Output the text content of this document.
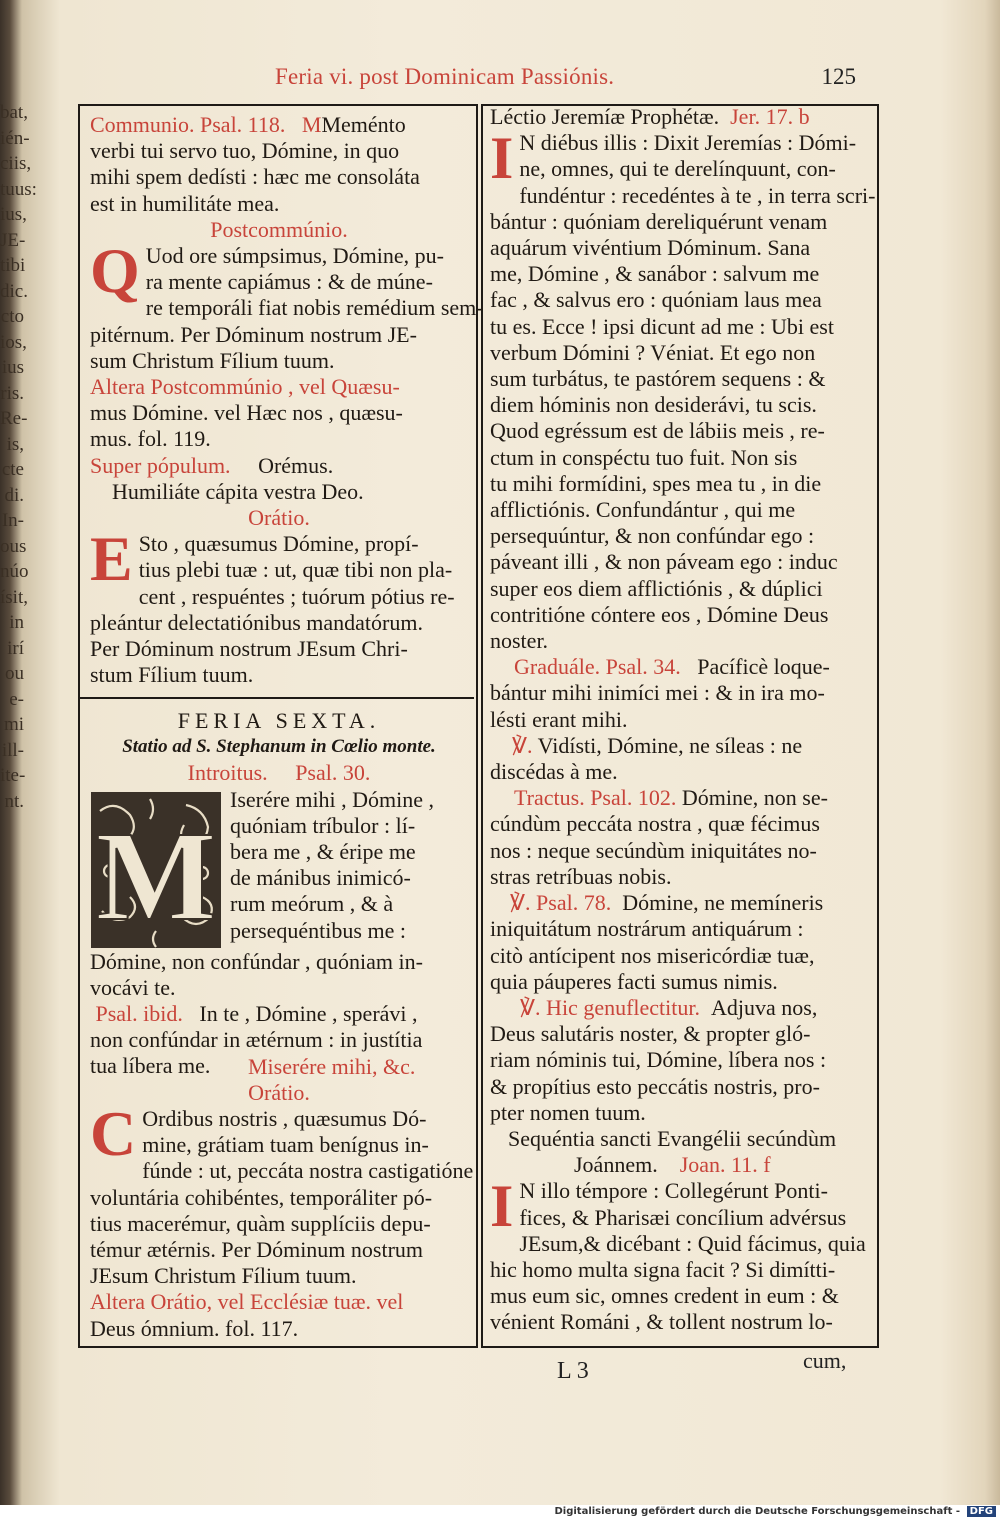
bat,
ién-
ciis,
tuus:
ius,
JE-
tibi
dic.
cto
ios,
ius
ris.
Re-
is,
cte
di.
In-
ous
núo
ísit,
in
irí
ou
e-
mi
ill-
ite-
nt.
Feria vi. post Dominicam Passiónis.	125
Communio. Psal. 118. MMeménto
verbi tui servo tuo, Dómine, in quo
mihi spem dedísti : hæc me consoláta
est in humilitáte mea.
Postcommúnio.
Q Uod ore súmpsimus, Dómine, pu-
ra mente capiámus : & de múne-
re temporáli fiat nobis remédium sem-
pitérnum. Per Dóminum nostrum JE-
sum Christum Fílium tuum.
Altera Postcommúnio , vel Quæsu-
mus Dómine. vel Hæc nos , quæsu-
mus. fol. 119.
Super pópulum. Orémus.
Humiliáte cápita vestra Deo.
Orátio.
E Sto , quæsumus Dómine, propí-
tius plebi tuæ : ut, quæ tibi non pla-
cent , respuéntes ; tuórum pótius re-
pleántur delectatiónibus mandatórum.
Per Dóminum nostrum JEsum Chri-
stum Fílium tuum.
FERIA SEXTA.
Statio ad S. Stephanum in Cœlio monte.
Introitus. Psal. 30.
M
Iserére mihi , Dómine ,
quóniam tríbulor : lí-
bera me , & éripe me
de mánibus inimicó-
rum meórum , & à
persequéntibus me :
Dómine, non confúndar , quóniam in-
vocávi te.
Psal. ibid. In te , Dómine , sperávi ,
non confúndar in ætérnum : in justítia
tua líbera me.	Miserére mihi, &c.
Orátio.
C Ordibus nostris , quæsumus Dó-
mine, grátiam tuam benígnus in-
fúnde : ut, peccáta nostra castigatióne
voluntária cohibéntes, temporáliter pó-
tius macerémur, quàm supplíciis depu-
témur ætérnis. Per Dóminum nostrum
JEsum Christum Fílium tuum.
Altera Orátio, vel Ecclésiæ tuæ. vel
Deus ómnium. fol. 117.
Léctio Jeremíæ Prophétæ. Jer. 17. b
I N diébus illis : Dixit Jeremías : Dómi-
ne, omnes, qui te derelínquunt, con-
fundéntur : recedéntes à te , in terra scri-
bántur : quóniam dereliquérunt venam
aquárum vivéntium Dóminum. Sana
me, Dómine , & sanábor : salvum me
fac , & salvus ero : quóniam laus mea
tu es. Ecce ! ipsi dicunt ad me : Ubi est
verbum Dómini ? Véniat. Et ego non
sum turbátus, te pastórem sequens : &
diem hóminis non desiderávi, tu scis.
Quod egréssum est de lábiis meis , re-
ctum in conspéctu tuo fuit. Non sis
tu mihi formídini, spes mea tu , in die
afflictiónis. Confundántur , qui me
persequúntur, & non confúndar ego :
páveant illi , & non páveam ego : induc
super eos diem afflictiónis , & dúplici
contritióne cóntere eos , Dómine Deus
noster.
Graduále. Psal. 34. Pacíficè loque-
bántur mihi inimíci mei : & in ira mo-
lésti erant mihi.
℣. Vidísti, Dómine, ne síleas : ne
discédas à me.
Tractus. Psal. 102. Dómine, non se-
cúndùm peccáta nostra , quæ fécimus
nos : neque secúndùm iniquitátes no-
stras retríbuas nobis.
℣. Psal. 78. Dómine, ne memíneris
iniquitátum nostrárum antiquárum :
citò antícipent nos misericórdiæ tuæ,
quia páuperes facti sumus nimis.
℣. Hic genuflectitur. Adjuva nos,
Deus salutáris noster, & propter gló-
riam nóminis tui, Dómine, líbera nos :
& propítius esto peccátis nostris, pro-
pter nomen tuum.
Sequéntia sancti Evangélii secúndùm
Joánnem. Joan. 11. f
I N illo témpore : Collegérunt Ponti-
fices, & Pharisæi concílium advérsus
JEsum,& dicébant : Quid fácimus, quia
hic homo multa signa facit ? Si dimítti-
mus eum sic, omnes credent in eum : &
vénient Románi , & tollent nostrum lo-
cum,
L 3
Digitalisierung gefördert durch die Deutsche Forschungsgemeinschaft - DFG
